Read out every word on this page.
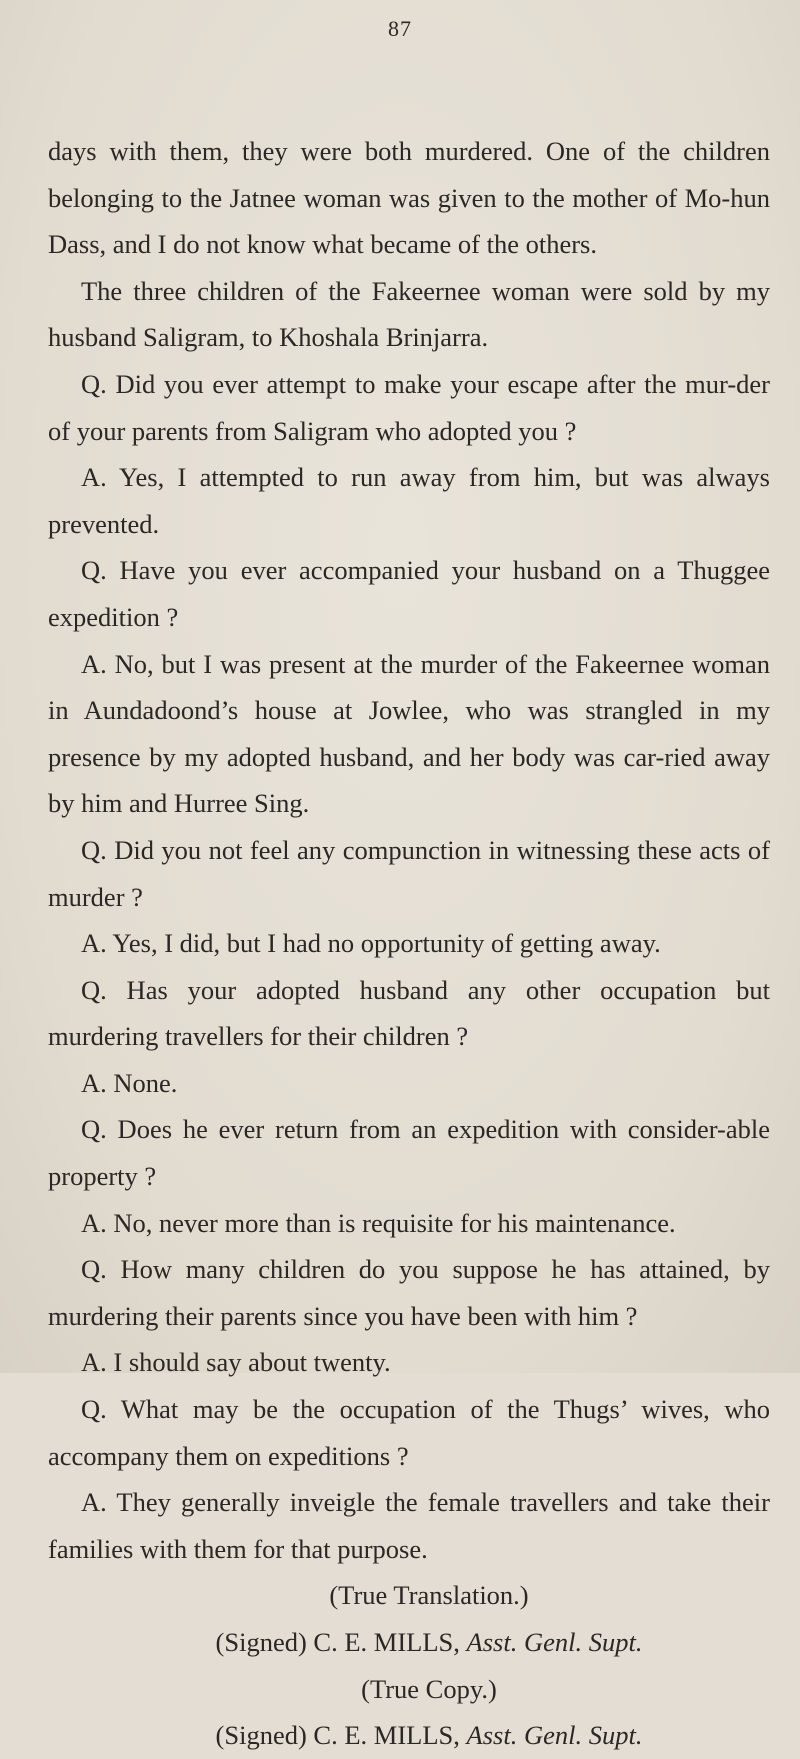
87

days with them, they were both murdered. One of the children belonging to the Jatnee woman was given to the mother of Mo-hun Dass, and I do not know what became of the others.

The three children of the Fakeernee woman were sold by my husband Saligram, to Khoshala Brinjarra.

Q. Did you ever attempt to make your escape after the mur-der of your parents from Saligram who adopted you ?

A. Yes, I attempted to run away from him, but was always prevented.

Q. Have you ever accompanied your husband on a Thuggee expedition ?

A. No, but I was present at the murder of the Fakeernee woman in Aundadoond’s house at Jowlee, who was strangled in my presence by my adopted husband, and her body was car-ried away by him and Hurree Sing.

Q. Did you not feel any compunction in witnessing these acts of murder ?

A. Yes, I did, but I had no opportunity of getting away.

Q. Has your adopted husband any other occupation but murdering travellers for their children ?

A. None.

Q. Does he ever return from an expedition with consider-able property ?

A. No, never more than is requisite for his maintenance.

Q. How many children do you suppose he has attained, by murdering their parents since you have been with him ?

A. I should say about twenty.

Q. What may be the occupation of the Thugs’ wives, who accompany them on expeditions ?

A. They generally inveigle the female travellers and take their families with them for that purpose.

(True Translation.)

(Signed) C. E. MILLS, Asst. Genl. Supt.

(True Copy.)

(Signed) C. E. MILLS, Asst. Genl. Supt.
